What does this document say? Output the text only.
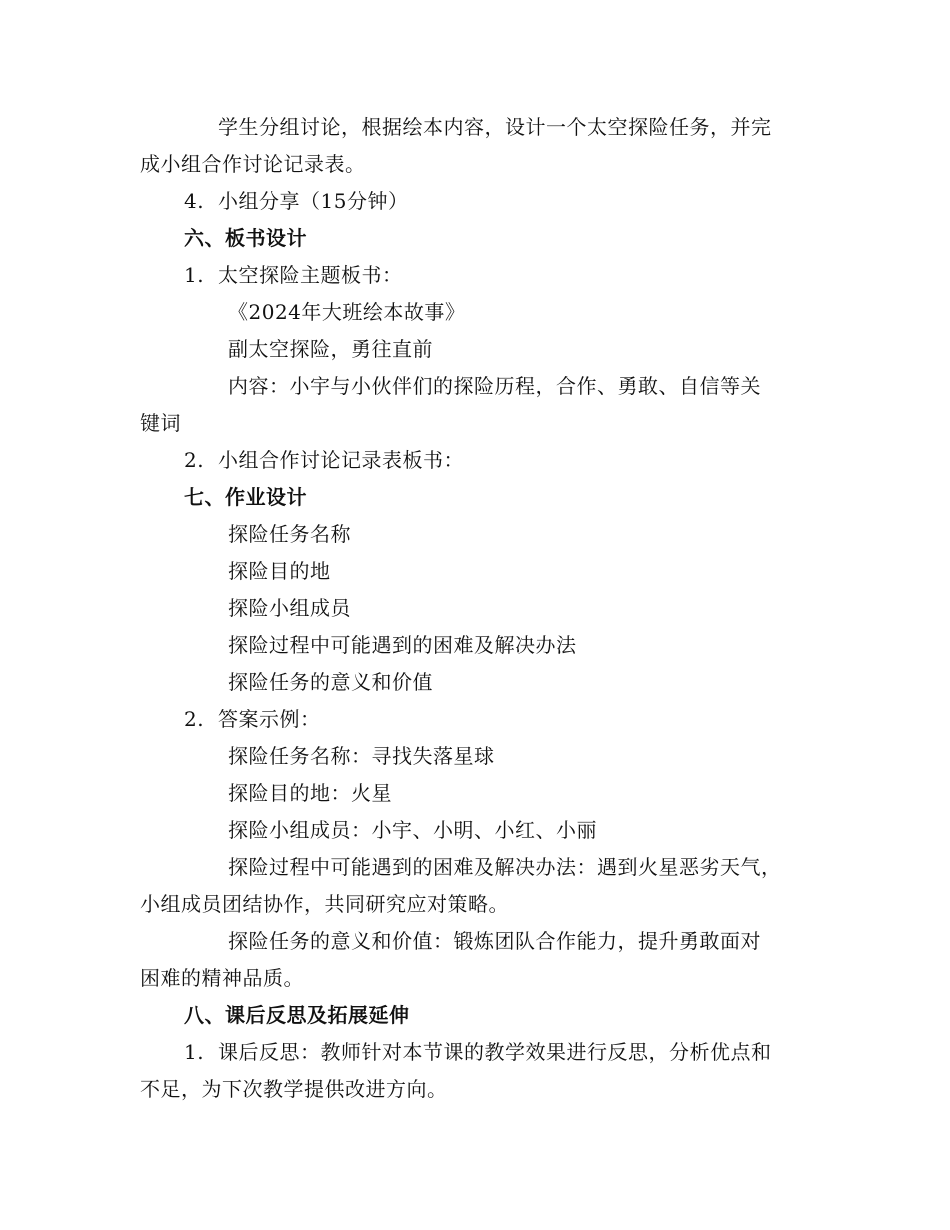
学生分组讨论，根据绘本内容，设计一个太空探险任务，并完
成小组合作讨论记录表。
4. 小组分享（15分钟）
六、板书设计
1. 太空探险主题板书：
《2024年大班绘本故事》
副太空探险，勇往直前
内容：小宇与小伙伴们的探险历程，合作、勇敢、自信等关
键词
2. 小组合作讨论记录表板书：
七、作业设计
探险任务名称
探险目的地
探险小组成员
探险过程中可能遇到的困难及解决办法
探险任务的意义和价值
2. 答案示例：
探险任务名称：寻找失落星球
探险目的地：火星
探险小组成员：小宇、小明、小红、小丽
探险过程中可能遇到的困难及解决办法：遇到火星恶劣天气，
小组成员团结协作，共同研究应对策略。
探险任务的意义和价值：锻炼团队合作能力，提升勇敢面对
困难的精神品质。
八、课后反思及拓展延伸
1. 课后反思：教师针对本节课的教学效果进行反思，分析优点和
不足，为下次教学提供改进方向。
